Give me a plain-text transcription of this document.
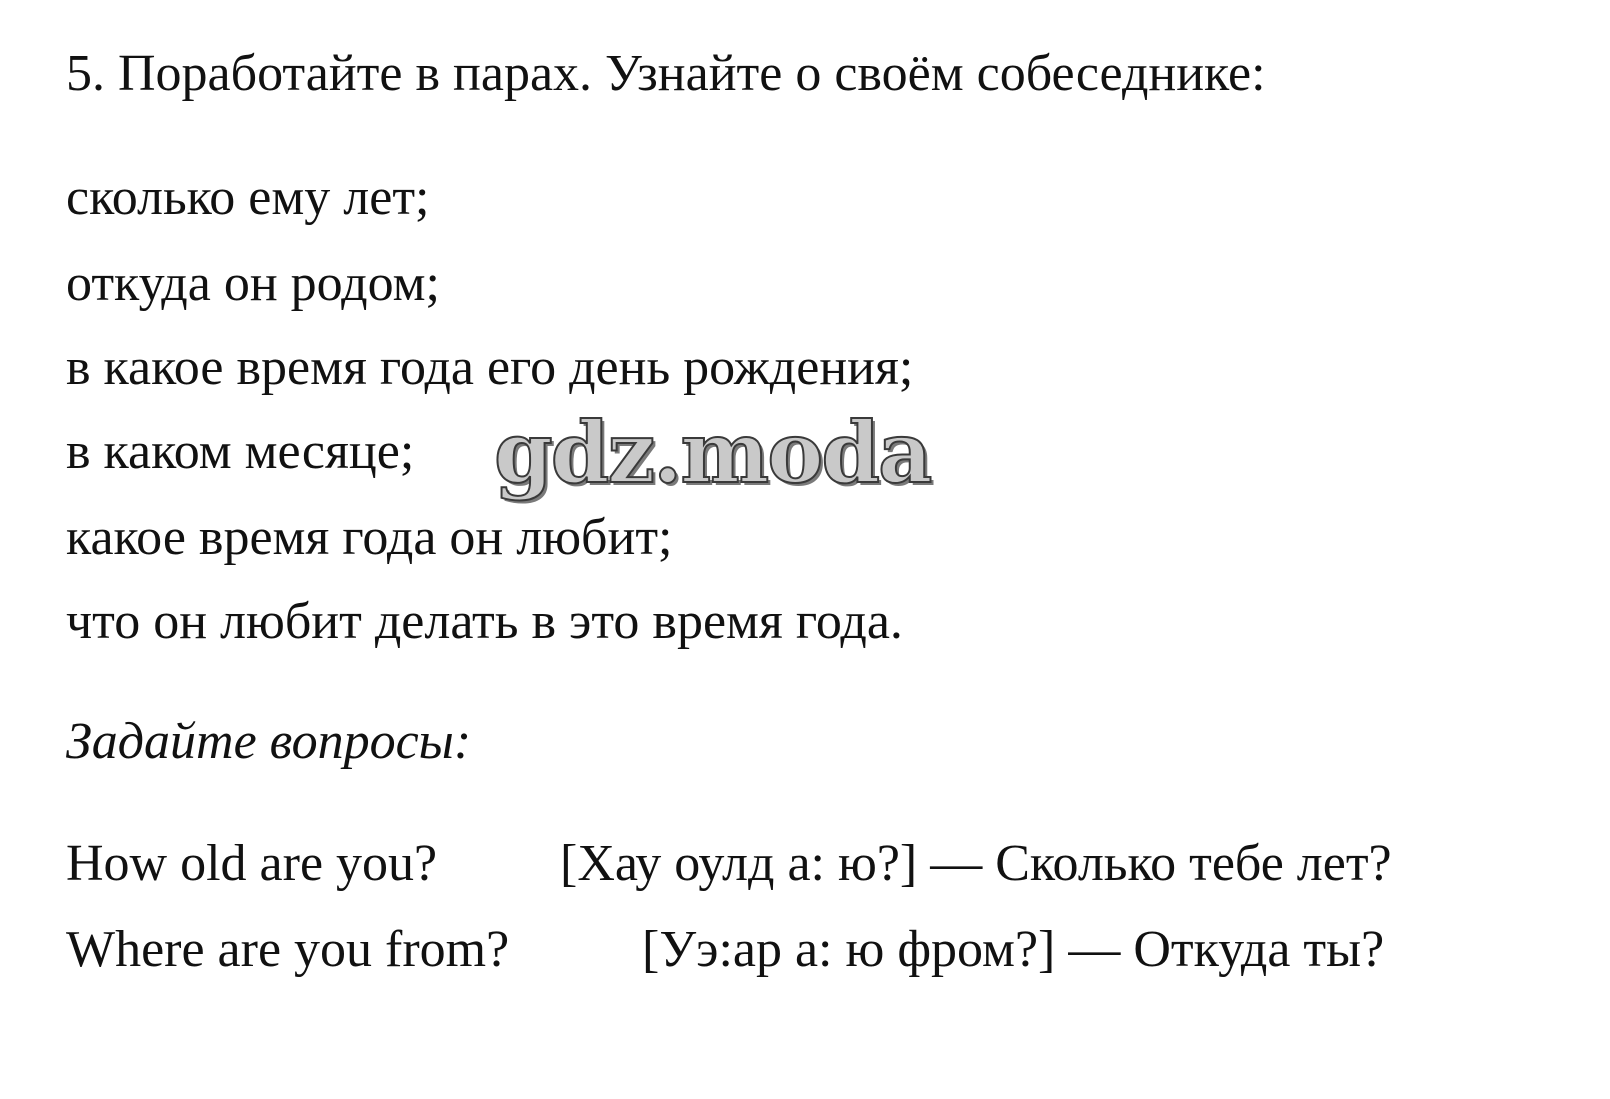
5. Поработайте в парах. Узнайте о своём собеседнике:
сколько ему лет;
откуда он родом;
в какое время года его день рождения;
в каком месяце;
какое время года он любит;
что он любит делать в это время года.
gdz.moda
Задайте вопросы:
How old are you? [Хау оулд а: ю?] — Сколько тебе лет?
Where are you from?	[Уэ:ар а: ю фром?] — Откуда ты?
